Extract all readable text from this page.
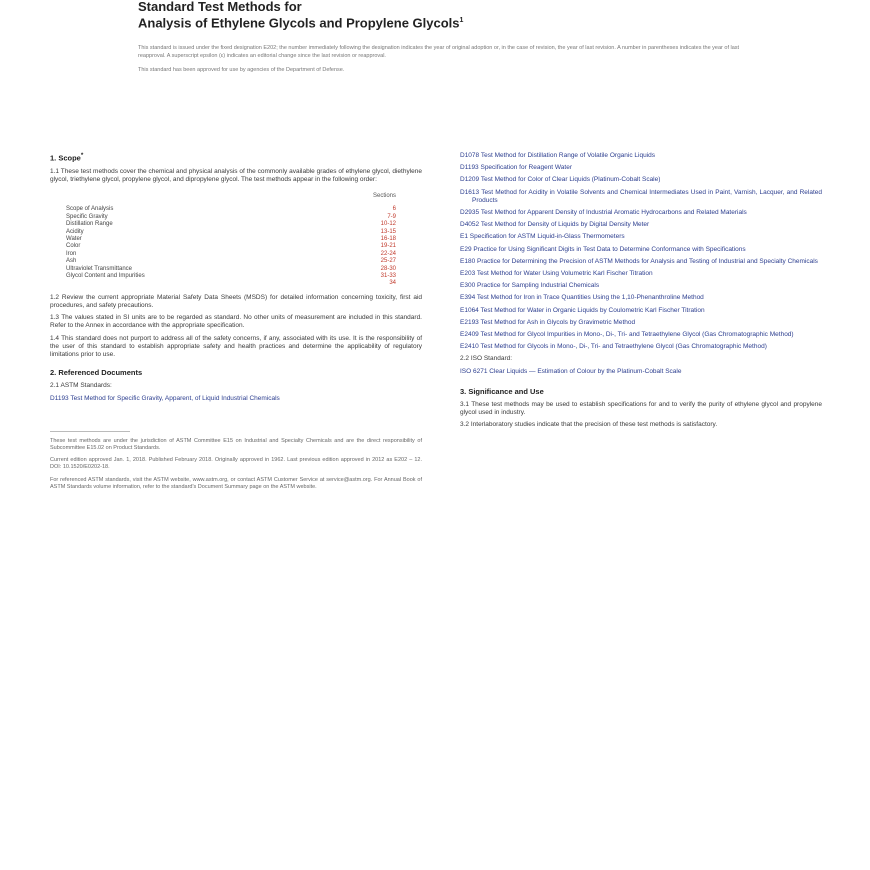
Standard Test Methods for
Analysis of Ethylene Glycols and Propylene Glycols$^1$

This standard is issued under the fixed designation E202; the number immediately following the designation indicates the year of original adoption or, in the case of revision, the year of last revision. A number in parentheses indicates the year of last reapproval. A superscript epsilon (ε) indicates an editorial change since the last revision or reapproval.

This standard has been approved for use by agencies of the Department of Defense.

1. Scope*

1.1 These test methods cover the chemical and physical analysis of the commonly available grades of ethylene glycol, diethylene glycol, triethylene glycol, propylene glycol, and dipropylene glycol. The test methods appear in the following order:

Sections	
Scope of Analysis	6
Specific Gravity	7-9
Distillation Range	10-12
Acidity	13-15
Water	16-18
Color	19-21
Iron	22-24
Ash	25-27
Ultraviolet Transmittance	28-30
Glycol Content and Impurities	31-33
	34

1.2 Review the current appropriate Material Safety Data Sheets (MSDS) for detailed information concerning toxicity, first aid procedures, and safety precautions.

1.3 The values stated in SI units are to be regarded as standard. No other units of measurement are included in this standard. Refer to the Annex in accordance with the appropriate specification.

1.4 This standard does not purport to address all of the safety concerns, if any, associated with its use. It is the responsibility of the user of this standard to establish appropriate safety and health practices and determine the applicability of regulatory limitations prior to use.

2. Referenced Documents

2.1 ASTM Standards:

D1193 Test Method for Specific Gravity, Apparent, of Liquid Industrial Chemicals

These test methods are under the jurisdiction of ASTM Committee E15 on Industrial and Specialty Chemicals and are the direct responsibility of Subcommittee E15.02 on Product Standards.

Current edition approved Jan. 1, 2018. Published February 2018. Originally approved in 1962. Last previous edition approved in 2012 as E202 – 12. DOI: 10.1520/E0202-18.

For referenced ASTM standards, visit the ASTM website, www.astm.org, or contact ASTM Customer Service at service@astm.org. For Annual Book of ASTM Standards volume information, refer to the standard's Document Summary page on the ASTM website.

D1078 Test Method for Distillation Range of Volatile Organic Liquids
D1193 Specification for Reagent Water
D1209 Test Method for Color of Clear Liquids (Platinum-Cobalt Scale)
D1613 Test Method for Acidity in Volatile Solvents and Chemical Intermediates Used in Paint, Varnish, Lacquer, and Related Products
D2935 Test Method for Apparent Density of Industrial Aromatic Hydrocarbons and Related Materials
D4052 Test Method for Density of Liquids by Digital Density Meter
E1 Specification for ASTM Liquid-in-Glass Thermometers
E29 Practice for Using Significant Digits in Test Data to Determine Conformance with Specifications
E180 Practice for Determining the Precision of ASTM Methods for Analysis and Testing of Industrial and Specialty Chemicals
E203 Test Method for Water Using Volumetric Karl Fischer Titration
E300 Practice for Sampling Industrial Chemicals
E394 Test Method for Iron in Trace Quantities Using the 1,10-Phenanthroline Method
E1064 Test Method for Water in Organic Liquids by Coulometric Karl Fischer Titration
E2193 Test Method for Ash in Glycols by Gravimetric Method
E2409 Test Method for Glycol Impurities in Mono-, Di-, Tri- and Tetraethylene Glycol (Gas Chromatographic Method)
E2410 Test Method for Glycols in Mono-, Di-, Tri- and Tetraethylene Glycol (Gas Chromatographic Method)

2.2 ISO Standard:

ISO 6271 Clear Liquids — Estimation of Colour by the Platinum-Cobalt Scale
3. Significance and Use

3.1 These test methods may be used to establish specifications for and to verify the purity of ethylene glycol and propylene glycol used in industry.

3.2 Interlaboratory studies indicate that the precision of these test methods is satisfactory.
